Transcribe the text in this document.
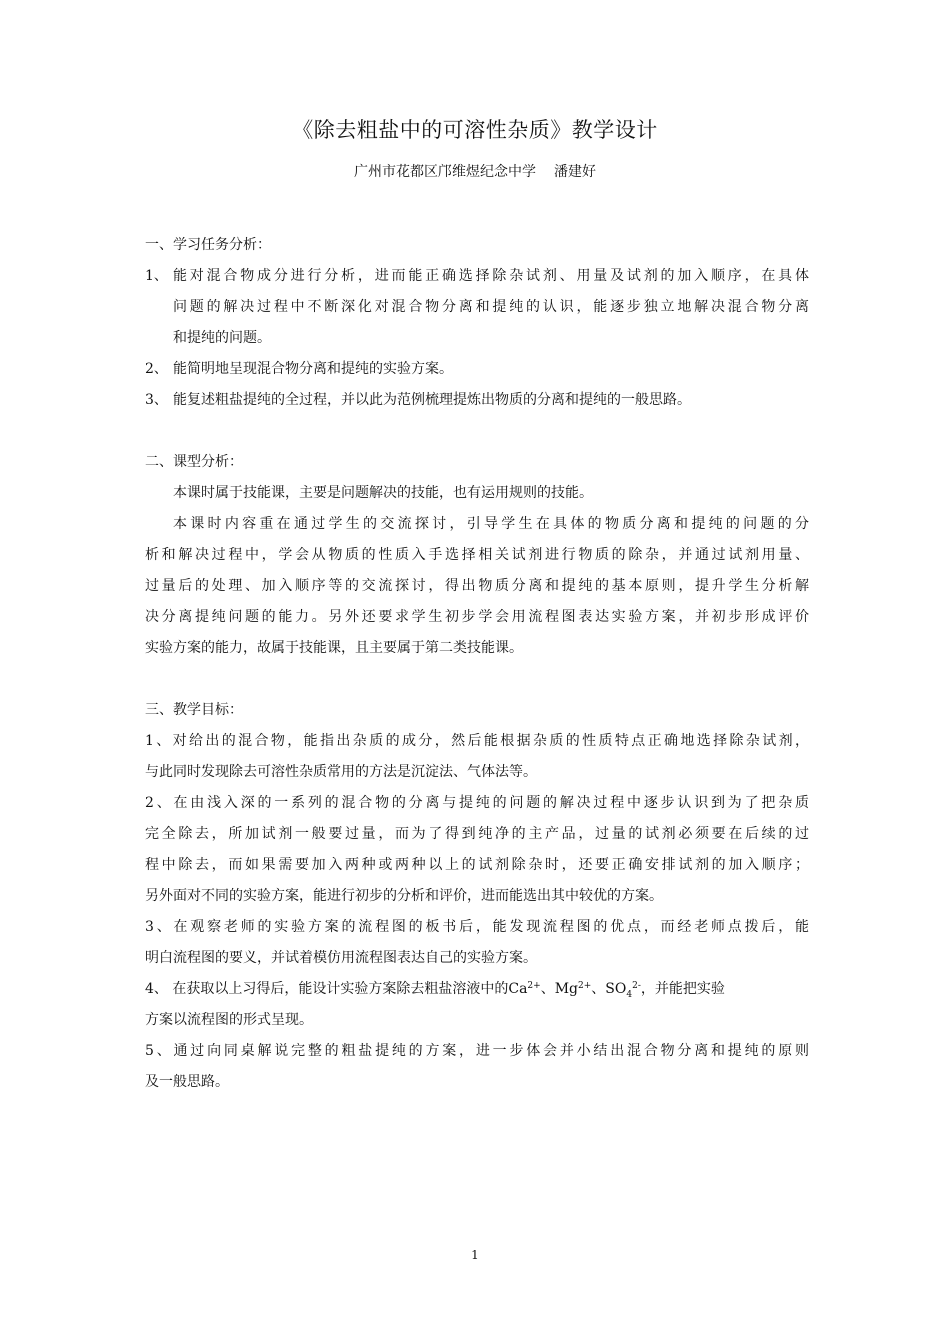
《除去粗盐中的可溶性杂质》教学设计
广州市花都区邝维煜纪念中学 潘建好
一、学习任务分析：
1、 能对混合物成分进行分析，进而能正确选择除杂试剂、用量及试剂的加入顺序，在具体
问题的解决过程中不断深化对混合物分离和提纯的认识，能逐步独立地解决混合物分离
和提纯的问题。
2、 能简明地呈现混合物分离和提纯的实验方案。
3、 能复述粗盐提纯的全过程，并以此为范例梳理提炼出物质的分离和提纯的一般思路。
二、课型分析：
本课时属于技能课，主要是问题解决的技能，也有运用规则的技能。
本课时内容重在通过学生的交流探讨，引导学生在具体的物质分离和提纯的问题的分
析和解决过程中，学会从物质的性质入手选择相关试剂进行物质的除杂，并通过试剂用量、
过量后的处理、加入顺序等的交流探讨，得出物质分离和提纯的基本原则，提升学生分析解
决分离提纯问题的能力。另外还要求学生初步学会用流程图表达实验方案，并初步形成评价
实验方案的能力，故属于技能课，且主要属于第二类技能课。
三、教学目标：
1、对给出的混合物，能指出杂质的成分，然后能根据杂质的性质特点正确地选择除杂试剂，
与此同时发现除去可溶性杂质常用的方法是沉淀法、气体法等。
2、在由浅入深的一系列的混合物的分离与提纯的问题的解决过程中逐步认识到为了把杂质
完全除去，所加试剂一般要过量，而为了得到纯净的主产品，过量的试剂必须要在后续的过
程中除去，而如果需要加入两种或两种以上的试剂除杂时，还要正确安排试剂的加入顺序；
另外面对不同的实验方案，能进行初步的分析和评价，进而能选出其中较优的方案。
3、在观察老师的实验方案的流程图的板书后，能发现流程图的优点，而经老师点拨后，能
明白流程图的要义，并试着模仿用流程图表达自己的实验方案。
4、 在获取以上习得后，能设计实验方案除去粗盐溶液中的$Ca^{2+}$、$Mg^{2+}$、$SO_4^{2-}$，并能把实验
方案以流程图的形式呈现。
5、通过向同桌解说完整的粗盐提纯的方案，进一步体会并小结出混合物分离和提纯的原则
及一般思路。
1
